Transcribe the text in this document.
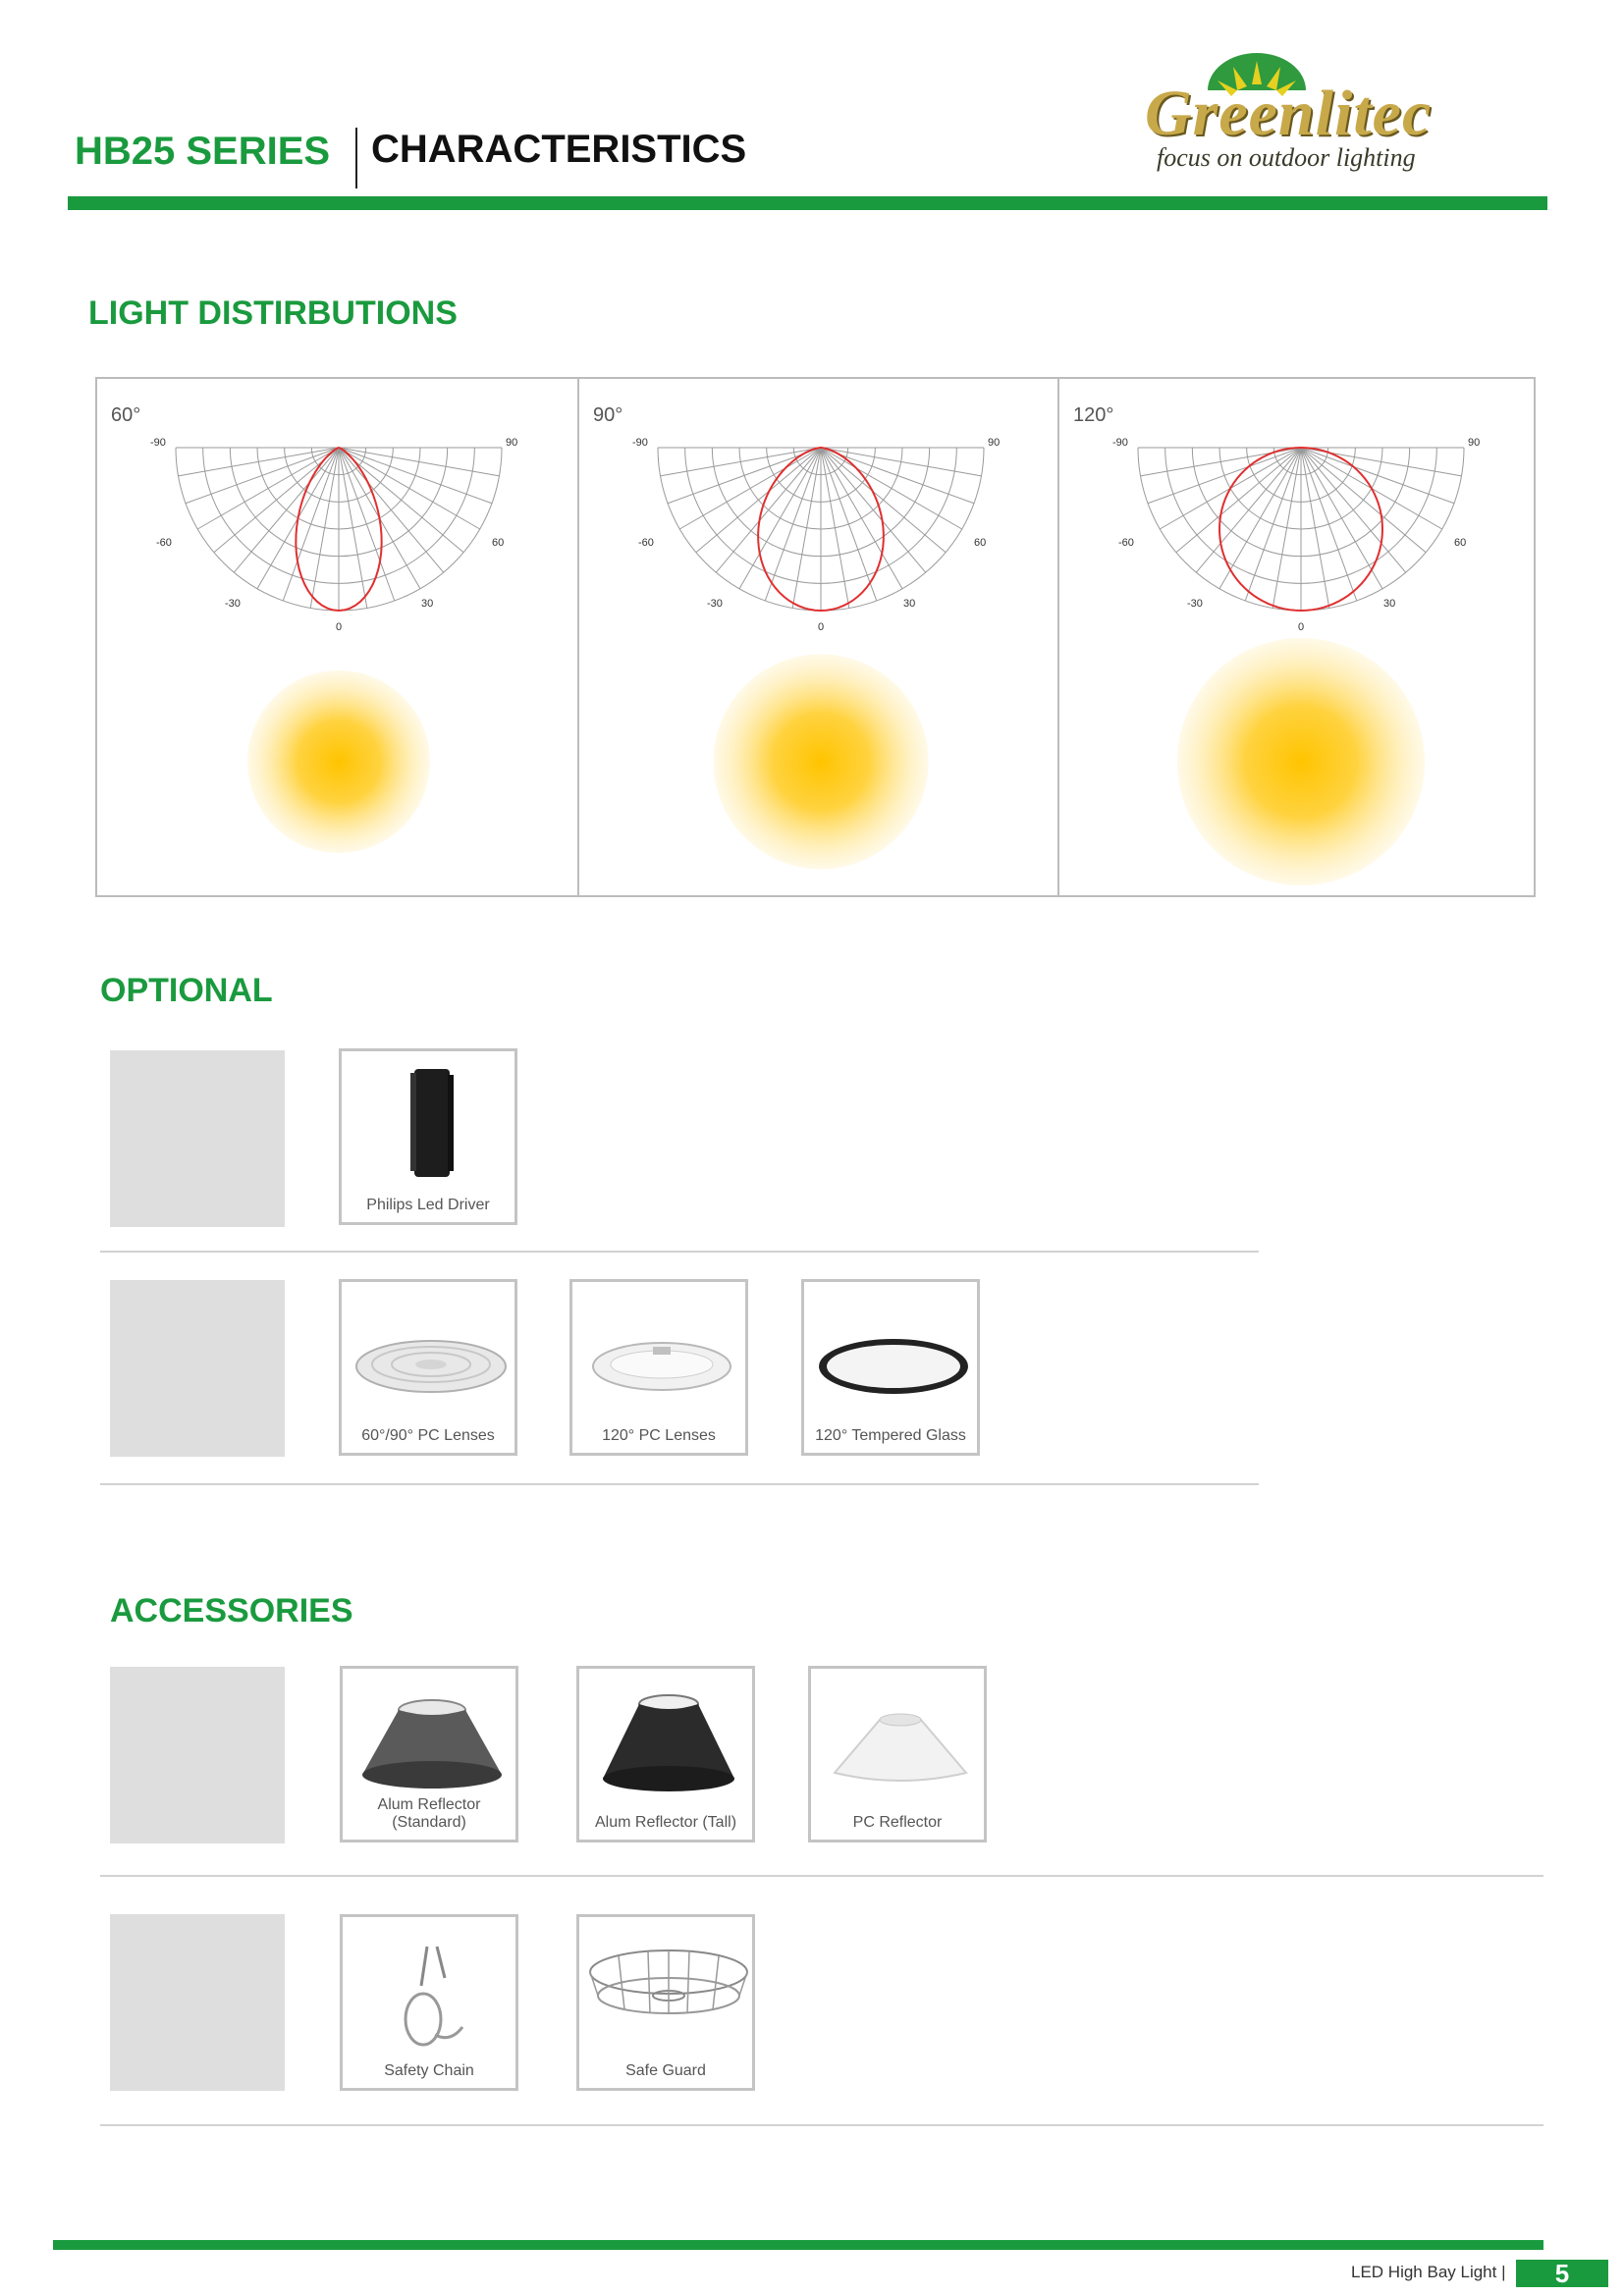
HB25 SERIES CHARACTERISTICS	Greenlitec
focus on outdoor lighting
LIGHT DISTIRBUTIONS
60°
-90	90
-60	60
-30	30
0
90°
-90	90
-60	60
-30	30
0
120°
-90	90
-60	60
-30	30
0
OPTIONAL
Philips Led Driver
60°/90° PC Lenses	120° PC Lenses	120° Tempered Glass
ACCESSORIES
Alum Reflector (Standard)	Alum Reflector (Tall)	PC Reflector
Safety Chain	Safe Guard
LED High Bay Light |	5
